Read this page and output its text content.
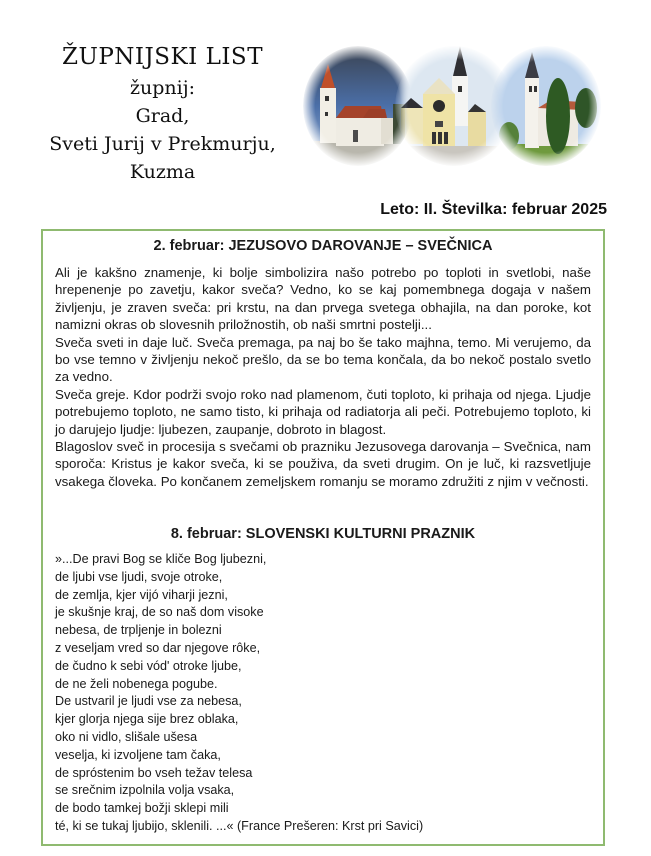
ŽUPNIJSKI LIST
župnij:
Grad,
Sveti Jurij v Prekmurju,
Kuzma
Leto: II. Številka: februar 2025
2. februar: JEZUSOVO DAROVANJE – SVEČNICA

Ali je kakšno znamenje, ki bolje simbolizira našo potrebo po toploti in svetlobi, naše hrepenenje po zavetju, kakor sveča? Vedno, ko se kaj pomembnega dogaja v našem življenju, je zraven sveča: pri krstu, na dan prvega svetega obhajila, na dan poroke, kot namizni okras ob slovesnih priložnostih, ob naši smrtni postelji...

Sveča sveti in daje luč. Sveča premaga, pa naj bo še tako majhna, temo. Mi verujemo, da bo vse temno v življenju nekoč prešlo, da se bo tema končala, da bo nekoč postalo svetlo za vedno.

Sveča greje. Kdor podrži svojo roko nad plamenom, čuti toploto, ki prihaja od njega. Ljudje potrebujemo toploto, ne samo tisto, ki prihaja od radiatorja ali peči. Potrebujemo toploto, ki jo darujejo ljudje: ljubezen, zaupanje, dobroto in blagost.

Blagoslov sveč in procesija s svečami ob prazniku Jezusovega darovanja – Svečnica, nam sporoča: Kristus je kakor sveča, ki se použiva, da sveti drugim. On je luč, ki razsvetljuje vsakega človeka. Po končanem zemeljskem romanju se moramo združiti z njim v večnosti.

8. februar: SLOVENSKI KULTURNI PRAZNIK
»...De pravi Bog se kliče Bog ljubezni,
de ljubi vse ljudi, svoje otroke,
de zemlja, kjer vijó viharji jezni,
je skušnje kraj, de so naš dom visoke
nebesa, de trpljenje in bolezni
z veseljam vred so dar njegove rôke,
de čudno k sebi vód' otroke ljube,
de ne želi nobenega pogube.
De ustvaril je ljudi vse za nebesa,
kjer glorja njega sije brez oblaka,
oko ni vidlo, slišale ušesa
veselja, ki izvoljene tam čaka,
de spróstenim bo vseh težav telesa
se srečnim izpolnila volja vsaka,
de bodo tamkej božji sklepi mili
té, ki se tukaj ljubijo, sklenili. ...« (France Prešeren: Krst pri Savici)
